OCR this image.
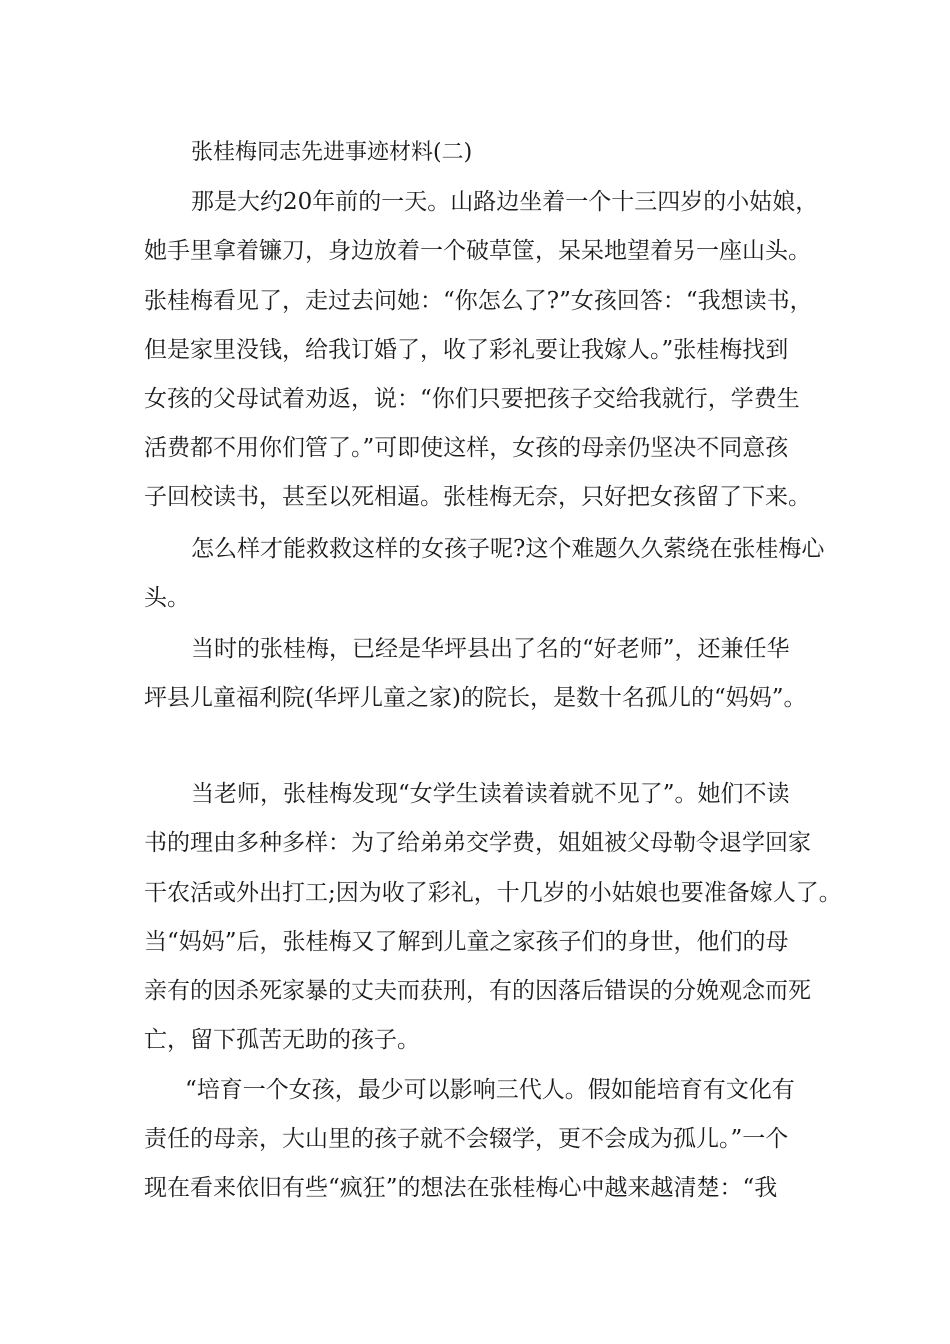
张桂梅同志先进事迹材料(二)
那是大约20年前的一天。山路边坐着一个十三四岁的小姑娘，
她手里拿着镰刀，身边放着一个破草筐，呆呆地望着另一座山头。
张桂梅看见了，走过去问她：“你怎么了?”女孩回答：“我想读书，
但是家里没钱，给我订婚了，收了彩礼要让我嫁人。”张桂梅找到
女孩的父母试着劝返，说：“你们只要把孩子交给我就行，学费生
活费都不用你们管了。”可即使这样，女孩的母亲仍坚决不同意孩
子回校读书，甚至以死相逼。张桂梅无奈，只好把女孩留了下来。
怎么样才能救救这样的女孩子呢?这个难题久久萦绕在张桂梅心
头。
当时的张桂梅，已经是华坪县出了名的“好老师”，还兼任华
坪县儿童福利院(华坪儿童之家)的院长，是数十名孤儿的“妈妈”。
当老师，张桂梅发现“女学生读着读着就不见了”。她们不读
书的理由多种多样：为了给弟弟交学费，姐姐被父母勒令退学回家
干农活或外出打工;因为收了彩礼，十几岁的小姑娘也要准备嫁人了。
当“妈妈”后，张桂梅又了解到儿童之家孩子们的身世，他们的母
亲有的因杀死家暴的丈夫而获刑，有的因落后错误的分娩观念而死
亡，留下孤苦无助的孩子。
“培育一个女孩，最少可以影响三代人。假如能培育有文化有
责任的母亲，大山里的孩子就不会辍学，更不会成为孤儿。”一个
现在看来依旧有些“疯狂”的想法在张桂梅心中越来越清楚：“我
